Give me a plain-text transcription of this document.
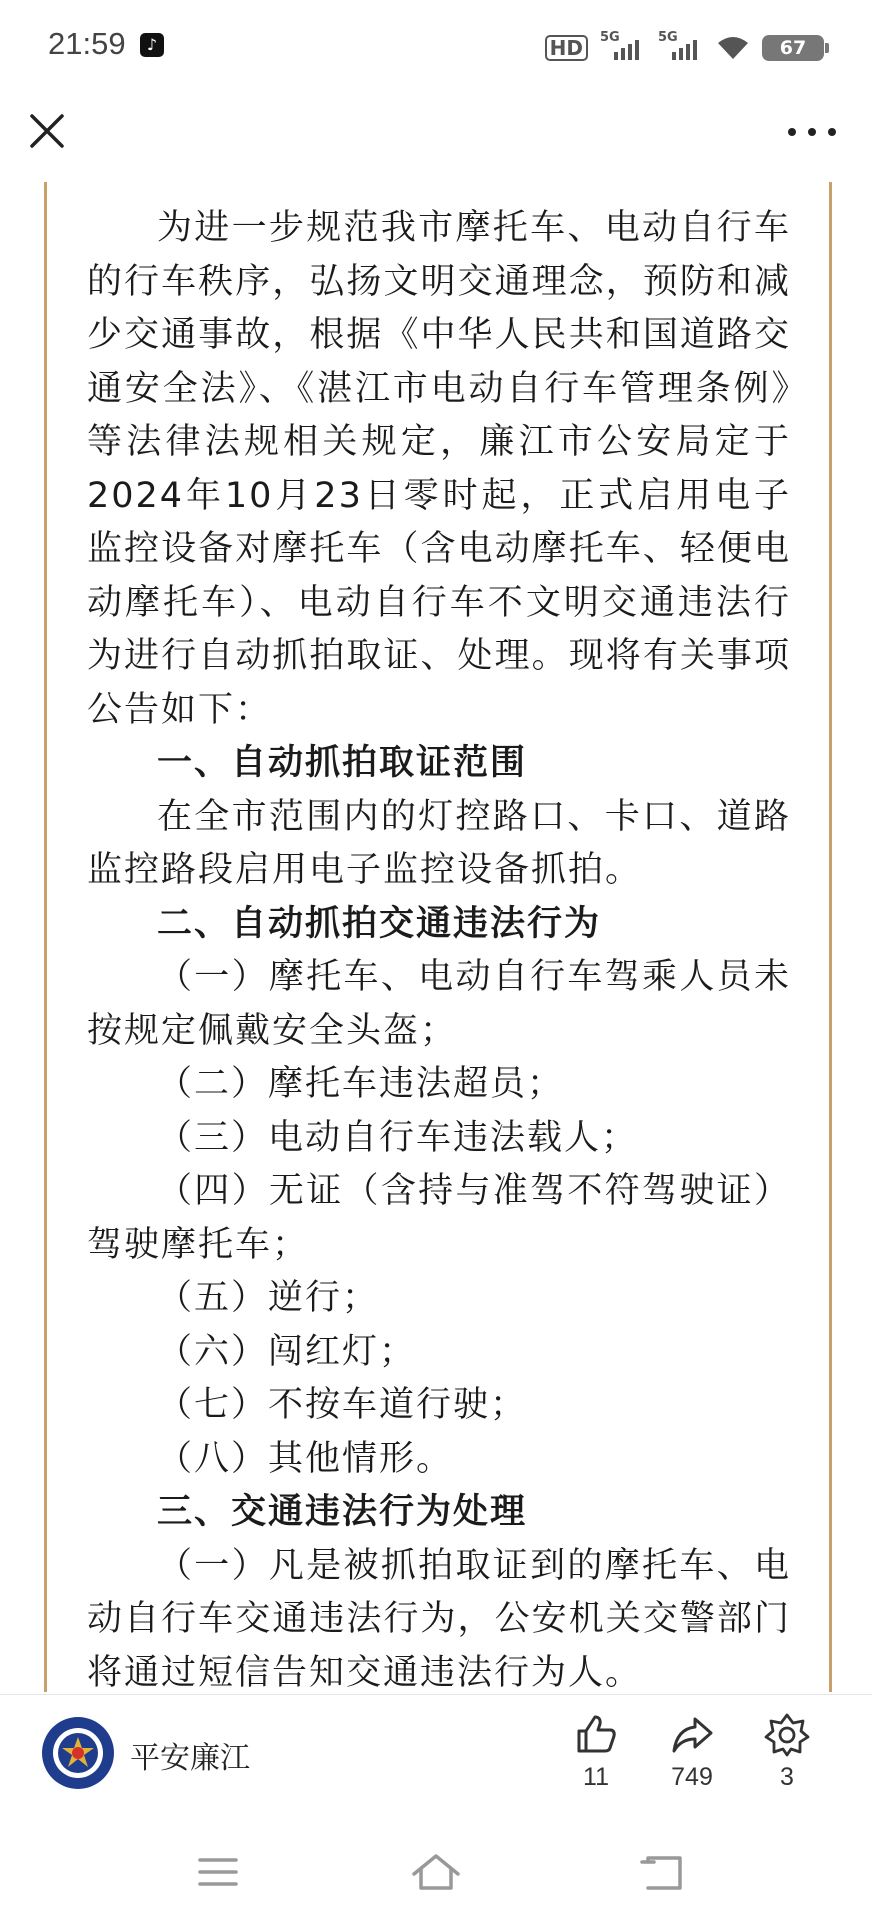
21:59	♪	HD	5G	5G	67

为进一步规范我市摩托车、电动自行车的行车秩序，弘扬文明交通理念，预防和减少交通事故，根据《中华人民共和国道路交通安全法》、《湛江市电动自行车管理条例》等法律法规相关规定，廉江市公安局定于2024年10月23日零时起，正式启用电子监控设备对摩托车（含电动摩托车、轻便电动摩托车）、电动自行车不文明交通违法行为进行自动抓拍取证、处理。现将有关事项公告如下：

一、自动抓拍取证范围

在全市范围内的灯控路口、卡口、道路监控路段启用电子监控设备抓拍。

二、自动抓拍交通违法行为

（一）摩托车、电动自行车驾乘人员未按规定佩戴安全头盔；

（二）摩托车违法超员；

（三）电动自行车违法载人；

（四）无证（含持与准驾不符驾驶证）驾驶摩托车；

（五）逆行；

（六）闯红灯；

（七）不按车道行驶；

（八）其他情形。

三、交通违法行为处理

（一）凡是被抓拍取证到的摩托车、电动自行车交通违法行为，公安机关交警部门将通过短信告知交通违法行为人。

平安廉江
11	749	3
